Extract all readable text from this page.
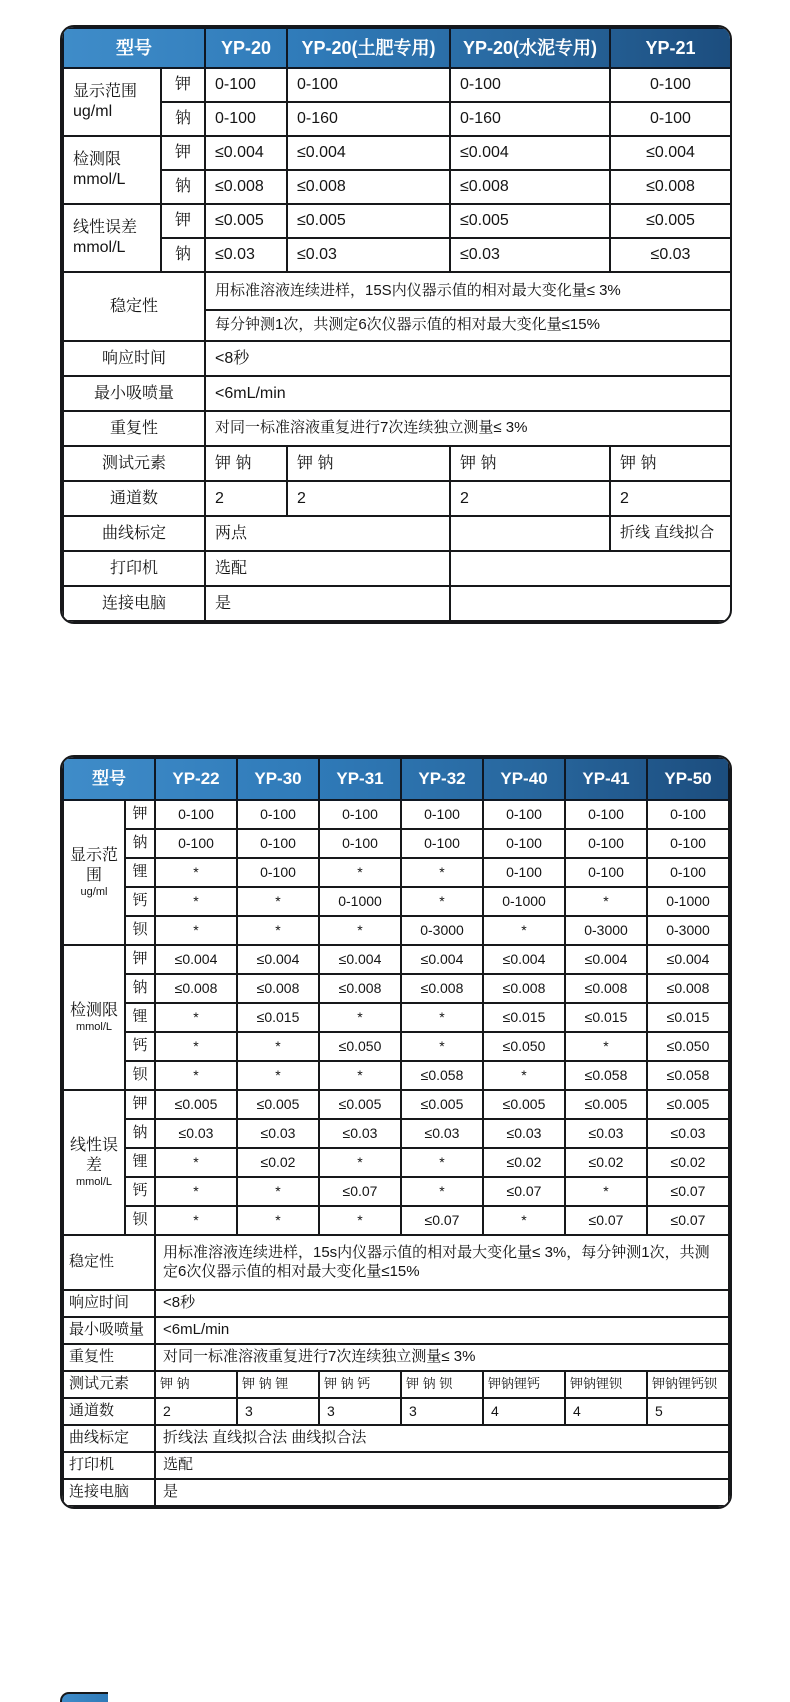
型号		YP-20	YP-20(土肥专用)	YP-20(水泥专用)	YP-21

显示范围
ug/ml	钾	0-100	0-100	0-100	0-100
	钠	0-100	0-160	0-160	0-100

检测限
mmol/L	钾	≤0.004	≤0.004	≤0.004	≤0.004
	钠	≤0.008	≤0.008	≤0.008	≤0.008

线性误差
mmol/L	钾	≤0.005	≤0.005	≤0.005	≤0.005
	钠	≤0.03	≤0.03	≤0.03	≤0.03
稳定性		用标准溶液连续进样，15S内仪器示值的相对最大变化量≤ 3%			
		每分钟测1次，共测定6次仪器示值的相对最大变化量≤15%			
响应时间		<8秒			
最小吸喷量		<6mL/min			
重复性		对同一标准溶液重复进行7次连续独立测量≤ 3%			
测试元素		钾 钠	钾 钠	钾 钠	钾 钠
通道数		2	2	2	2
曲线标定		两点			折线 直线拟合
打印机		选配			
连接电脑		是			
型号		YP-22	YP-30	YP-31	YP-32	YP-40	YP-41	YP-50

显示范围
ug/ml	钾	0-100	0-100	0-100	0-100	0-100	0-100	0-100
	钠	0-100	0-100	0-100	0-100	0-100	0-100	0-100
	锂	*	0-100	*	*	0-100	0-100	0-100
	钙	*	*	0-1000	*	0-1000	*	0-1000
	钡	*	*	*	0-3000	*	0-3000	0-3000

检测限
mmol/L	钾	≤0.004	≤0.004	≤0.004	≤0.004	≤0.004	≤0.004	≤0.004
	钠	≤0.008	≤0.008	≤0.008	≤0.008	≤0.008	≤0.008	≤0.008
	锂	*	≤0.015	*	*	≤0.015	≤0.015	≤0.015
	钙	*	*	≤0.050	*	≤0.050	*	≤0.050
	钡	*	*	*	≤0.058	*	≤0.058	≤0.058

线性误差
mmol/L	钾	≤0.005	≤0.005	≤0.005	≤0.005	≤0.005	≤0.005	≤0.005
	钠	≤0.03	≤0.03	≤0.03	≤0.03	≤0.03	≤0.03	≤0.03
	锂	*	≤0.02	*	*	≤0.02	≤0.02	≤0.02
	钙	*	*	≤0.07	*	≤0.07	*	≤0.07
	钡	*	*	*	≤0.07	*	≤0.07	≤0.07
稳定性		用标准溶液连续进样，15s内仪器示值的相对最大变化量≤ 3%，每分钟测1次，共测定6次仪器示值的相对最大变化量≤15%						
响应时间		<8秒						
最小吸喷量		<6mL/min						
重复性		对同一标准溶液重复进行7次连续独立测量≤ 3%						
测试元素		钾 钠	钾 钠 锂	钾 钠 钙	钾 钠 钡	钾钠锂钙	钾钠锂钡	钾钠锂钙钡
通道数		2	3	3	3	4	4	5
曲线标定		折线法 直线拟合法 曲线拟合法						
打印机		选配						
连接电脑		是						
